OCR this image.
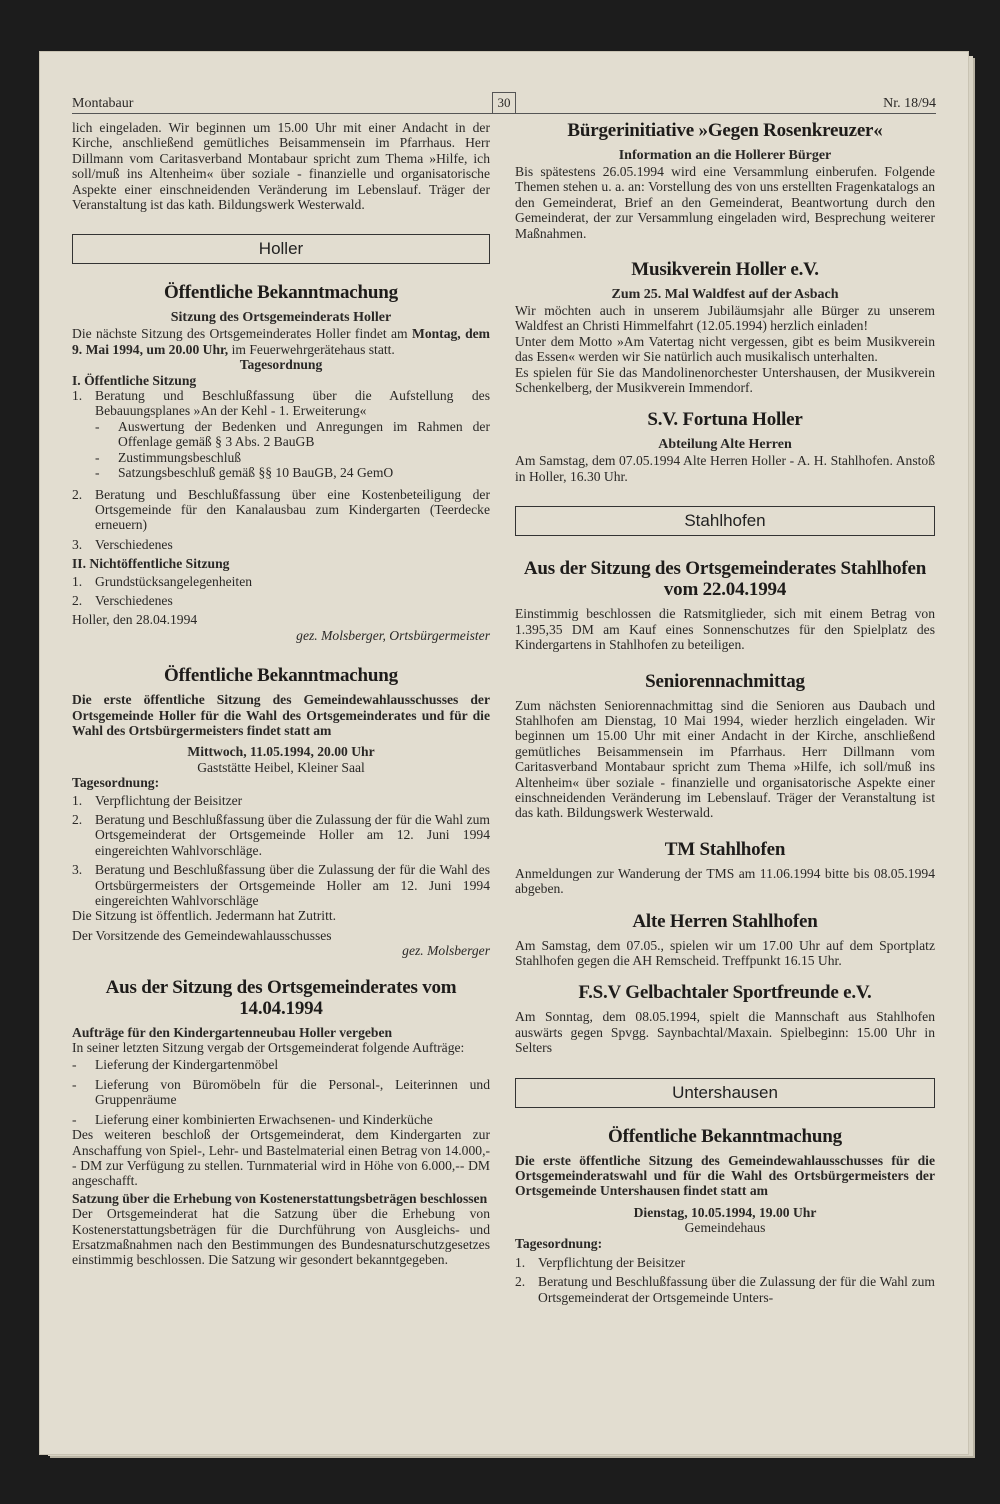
Montabaur	30	Nr. 18/94

lich eingeladen. Wir beginnen um 15.00 Uhr mit einer Andacht in der Kirche, anschließend gemütliches Beisammensein im Pfarrhaus. Herr Dillmann vom Caritasverband Montabaur spricht zum Thema »Hilfe, ich soll/muß ins Altenheim« über soziale - finanzielle und organisatorische Aspekte einer einschneidenden Veränderung im Lebenslauf. Träger der Veranstaltung ist das kath. Bildungswerk Westerwald.

Holler
Öffentliche Bekanntmachung
Sitzung des Ortsgemeinderats Holler

Die nächste Sitzung des Ortsgemeinderates Holler findet am Montag, dem 9. Mai 1994, um 20.00 Uhr, im Feuerwehrgerätehaus statt.

Tagesordnung
I. Öffentliche Sitzung
1. Beratung und Beschlußfassung über die Aufstellung des Bebauungsplanes »An der Kehl - 1. Erweiterung«
- Auswertung der Bedenken und Anregungen im Rahmen der Offenlage gemäß § 3 Abs. 2 BauGB
- Zustimmungsbeschluß
- Satzungsbeschluß gemäß §§ 10 BauGB, 24 GemO
2. Beratung und Beschlußfassung über eine Kostenbeteiligung der Ortsgemeinde für den Kanalausbau zum Kindergarten (Teerdecke erneuern)
3. Verschiedenes
II. Nichtöffentliche Sitzung
1. Grundstücksangelegenheiten
2. Verschiedenes
Holler, den 28.04.1994
gez. Molsberger, Ortsbürgermeister
Öffentliche Bekanntmachung

Die erste öffentliche Sitzung des Gemeindewahlausschusses der Ortsgemeinde Holler für die Wahl des Ortsgemeinderates und für die Wahl des Ortsbürgermeisters findet statt am

Mittwoch, 11.05.1994, 20.00 Uhr
Gaststätte Heibel, Kleiner Saal
Tagesordnung:
1. Verpflichtung der Beisitzer
2. Beratung und Beschlußfassung über die Zulassung der für die Wahl zum Ortsgemeinderat der Ortsgemeinde Holler am 12. Juni 1994 eingereichten Wahlvorschläge.
3. Beratung und Beschlußfassung über die Zulassung der für die Wahl des Ortsbürgermeisters der Ortsgemeinde Holler am 12. Juni 1994 eingereichten Wahlvorschläge
Die Sitzung ist öffentlich. Jedermann hat Zutritt.
Der Vorsitzende des Gemeindewahlausschusses
gez. Molsberger
Aus der Sitzung des Ortsgemeinderates vom 14.04.1994
Aufträge für den Kindergartenneubau Holler vergeben

In seiner letzten Sitzung vergab der Ortsgemeinderat folgende Aufträge:

- Lieferung der Kindergartenmöbel
- Lieferung von Büromöbeln für die Personal-, Leiterinnen und Gruppenräume
- Lieferung einer kombinierten Erwachsenen- und Kinderküche

Des weiteren beschloß der Ortsgemeinderat, dem Kindergarten zur Anschaffung von Spiel-, Lehr- und Bastelmaterial einen Betrag von 14.000,-- DM zur Verfügung zu stellen. Turnmaterial wird in Höhe von 6.000,-- DM angeschafft.

Satzung über die Erhebung von Kostenerstattungsbeträgen beschlossen

Der Ortsgemeinderat hat die Satzung über die Erhebung von Kostenerstattungsbeträgen für die Durchführung von Ausgleichs- und Ersatzmaßnahmen nach den Bestimmungen des Bundesnaturschutzgesetzes einstimmig beschlossen. Die Satzung wir gesondert bekanntgegeben.

Bürgerinitiative »Gegen Rosenkreuzer«
Information an die Hollerer Bürger

Bis spätestens 26.05.1994 wird eine Versammlung einberufen. Folgende Themen stehen u. a. an: Vorstellung des von uns erstellten Fragenkatalogs an den Gemeinderat, Brief an den Gemeinderat, Beantwortung durch den Gemeinderat, der zur Versammlung eingeladen wird, Besprechung weiterer Maßnahmen.

Musikverein Holler e.V.
Zum 25. Mal Waldfest auf der Asbach

Wir möchten auch in unserem Jubiläumsjahr alle Bürger zu unserem Waldfest an Christi Himmelfahrt (12.05.1994) herzlich einladen!

Unter dem Motto »Am Vatertag nicht vergessen, gibt es beim Musikverein das Essen« werden wir Sie natürlich auch musikalisch unterhalten.

Es spielen für Sie das Mandolinenorchester Untershausen, der Musikverein Schenkelberg, der Musikverein Immendorf.

S.V. Fortuna Holler
Abteilung Alte Herren

Am Samstag, dem 07.05.1994 Alte Herren Holler - A. H. Stahlhofen. Anstoß in Holler, 16.30 Uhr.

Stahlhofen
Aus der Sitzung des Ortsgemeinderates Stahlhofen vom 22.04.1994

Einstimmig beschlossen die Ratsmitglieder, sich mit einem Betrag von 1.395,35 DM am Kauf eines Sonnenschutzes für den Spielplatz des Kindergartens in Stahlhofen zu beteiligen.

Seniorennachmittag

Zum nächsten Seniorennachmittag sind die Senioren aus Daubach und Stahlhofen am Dienstag, 10 Mai 1994, wieder herzlich eingeladen. Wir beginnen um 15.00 Uhr mit einer Andacht in der Kirche, anschließend gemütliches Beisammensein im Pfarrhaus. Herr Dillmann vom Caritasverband Montabaur spricht zum Thema »Hilfe, ich soll/muß ins Altenheim« über soziale - finanzielle und organisatorische Aspekte einer einschneidenden Veränderung im Lebenslauf. Träger der Veranstaltung ist das kath. Bildungswerk Westerwald.

TM Stahlhofen

Anmeldungen zur Wanderung der TMS am 11.06.1994 bitte bis 08.05.1994 abgeben.

Alte Herren Stahlhofen

Am Samstag, dem 07.05., spielen wir um 17.00 Uhr auf dem Sportplatz Stahlhofen gegen die AH Remscheid. Treffpunkt 16.15 Uhr.

F.S.V Gelbachtaler Sportfreunde e.V.

Am Sonntag, dem 08.05.1994, spielt die Mannschaft aus Stahlhofen auswärts gegen Spvgg. Saynbachtal/Maxain. Spielbeginn: 15.00 Uhr in Selters

Untershausen
Öffentliche Bekanntmachung

Die erste öffentliche Sitzung des Gemeindewahlausschusses für die Ortsgemeinderatswahl und für die Wahl des Ortsbürgermeisters der Ortsgemeinde Untershausen findet statt am

Dienstag, 10.05.1994, 19.00 Uhr
Gemeindehaus
Tagesordnung:
1. Verpflichtung der Beisitzer
2. Beratung und Beschlußfassung über die Zulassung der für die Wahl zum Ortsgemeinderat der Ortsgemeinde Unters-
